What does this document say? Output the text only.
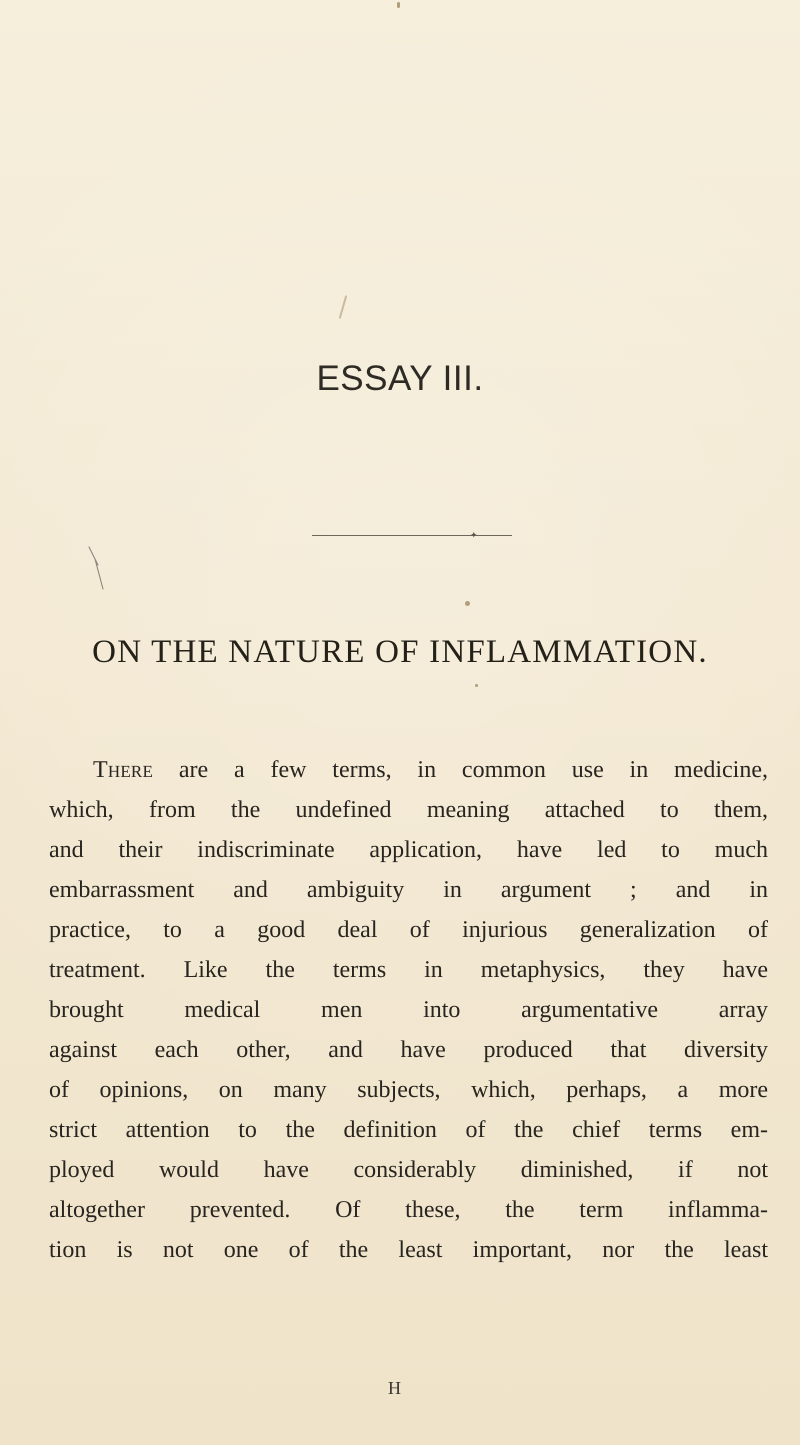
ESSAY III.
✦
ON THE NATURE OF INFLAMMATION.
There are a few terms, in common use in medicine,
which, from the undefined meaning attached to them,
and their indiscriminate application, have led to much
embarrassment and ambiguity in argument ; and in
practice, to a good deal of injurious generalization of
treatment. Like the terms in metaphysics, they have
brought medical men into argumentative array
against each other, and have produced that diversity
of opinions, on many subjects, which, perhaps, a more
strict attention to the definition of the chief terms em-
ployed would have considerably diminished, if not
altogether prevented. Of these, the term inflamma-
tion is not one of the least important, nor the least
H
